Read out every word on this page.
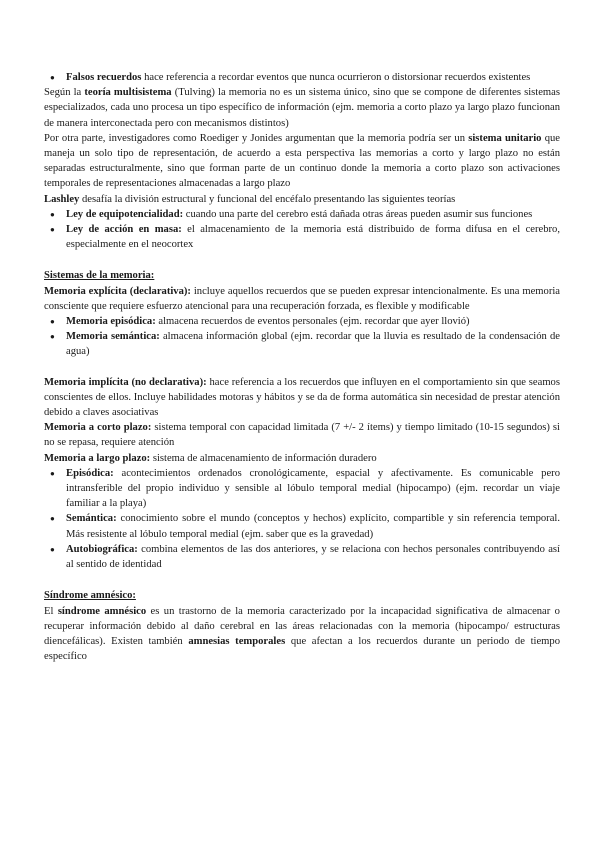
● Falsos recuerdos hace referencia a recordar eventos que nunca ocurrieron o distorsionar recuerdos existentes

Según la teoría multisistema (Tulving) la memoria no es un sistema único, sino que se compone de diferentes sistemas especializados, cada uno procesa un tipo específico de información (ejm. memoria a corto plazo ya largo plazo funcionan de manera interconectada pero con mecanismos distintos)

Por otra parte, investigadores como Roediger y Jonides argumentan que la memoria podría ser un sistema unitario que maneja un solo tipo de representación, de acuerdo a esta perspectiva las memorias a corto y largo plazo no están separadas estructuralmente, sino que forman parte de un continuo donde la memoria a corto plazo son activaciones temporales de representaciones almacenadas a largo plazo

Lashley desafía la división estructural y funcional del encéfalo presentando las siguientes teorías

● Ley de equipotencialidad: cuando una parte del cerebro está dañada otras áreas pueden asumir sus funciones
● Ley de acción en masa: el almacenamiento de la memoria está distribuido de forma difusa en el cerebro, especialmente en el neocortex

Sistemas de la memoria:

Memoria explícita (declarativa): incluye aquellos recuerdos que se pueden expresar intencionalmente. Es una memoria consciente que requiere esfuerzo atencional para una recuperación forzada, es flexible y modificable

● Memoria episódica: almacena recuerdos de eventos personales (ejm. recordar que ayer llovió)
● Memoria semántica: almacena información global (ejm. recordar que la lluvia es resultado de la condensación de agua)

Memoria implícita (no declarativa): hace referencia a los recuerdos que influyen en el comportamiento sin que seamos conscientes de ellos. Incluye habilidades motoras y hábitos y se da de forma automática sin necesidad de prestar atención debido a claves asociativas

Memoria a corto plazo: sistema temporal con capacidad limitada (7 +/- 2 ítems) y tiempo limitado (10-15 segundos) si no se repasa, requiere atención

Memoria a largo plazo: sistema de almacenamiento de información duradero

● Episódica: acontecimientos ordenados cronológicamente, espacial y afectivamente. Es comunicable pero intransferible del propio individuo y sensible al lóbulo temporal medial (hipocampo) (ejm. recordar un viaje familiar a la playa)
● Semántica: conocimiento sobre el mundo (conceptos y hechos) explícito, compartible y sin referencia temporal. Más resistente al lóbulo temporal medial (ejm. saber que es la gravedad)
● Autobiográfica: combina elementos de las dos anteriores, y se relaciona con hechos personales contribuyendo así al sentido de identidad

Síndrome amnésico:

El síndrome amnésico es un trastorno de la memoria caracterizado por la incapacidad significativa de almacenar o recuperar información debido al daño cerebral en las áreas relacionadas con la memoria (hipocampo/ estructuras diencefálicas). Existen también amnesias temporales que afectan a los recuerdos durante un periodo de tiempo específico
